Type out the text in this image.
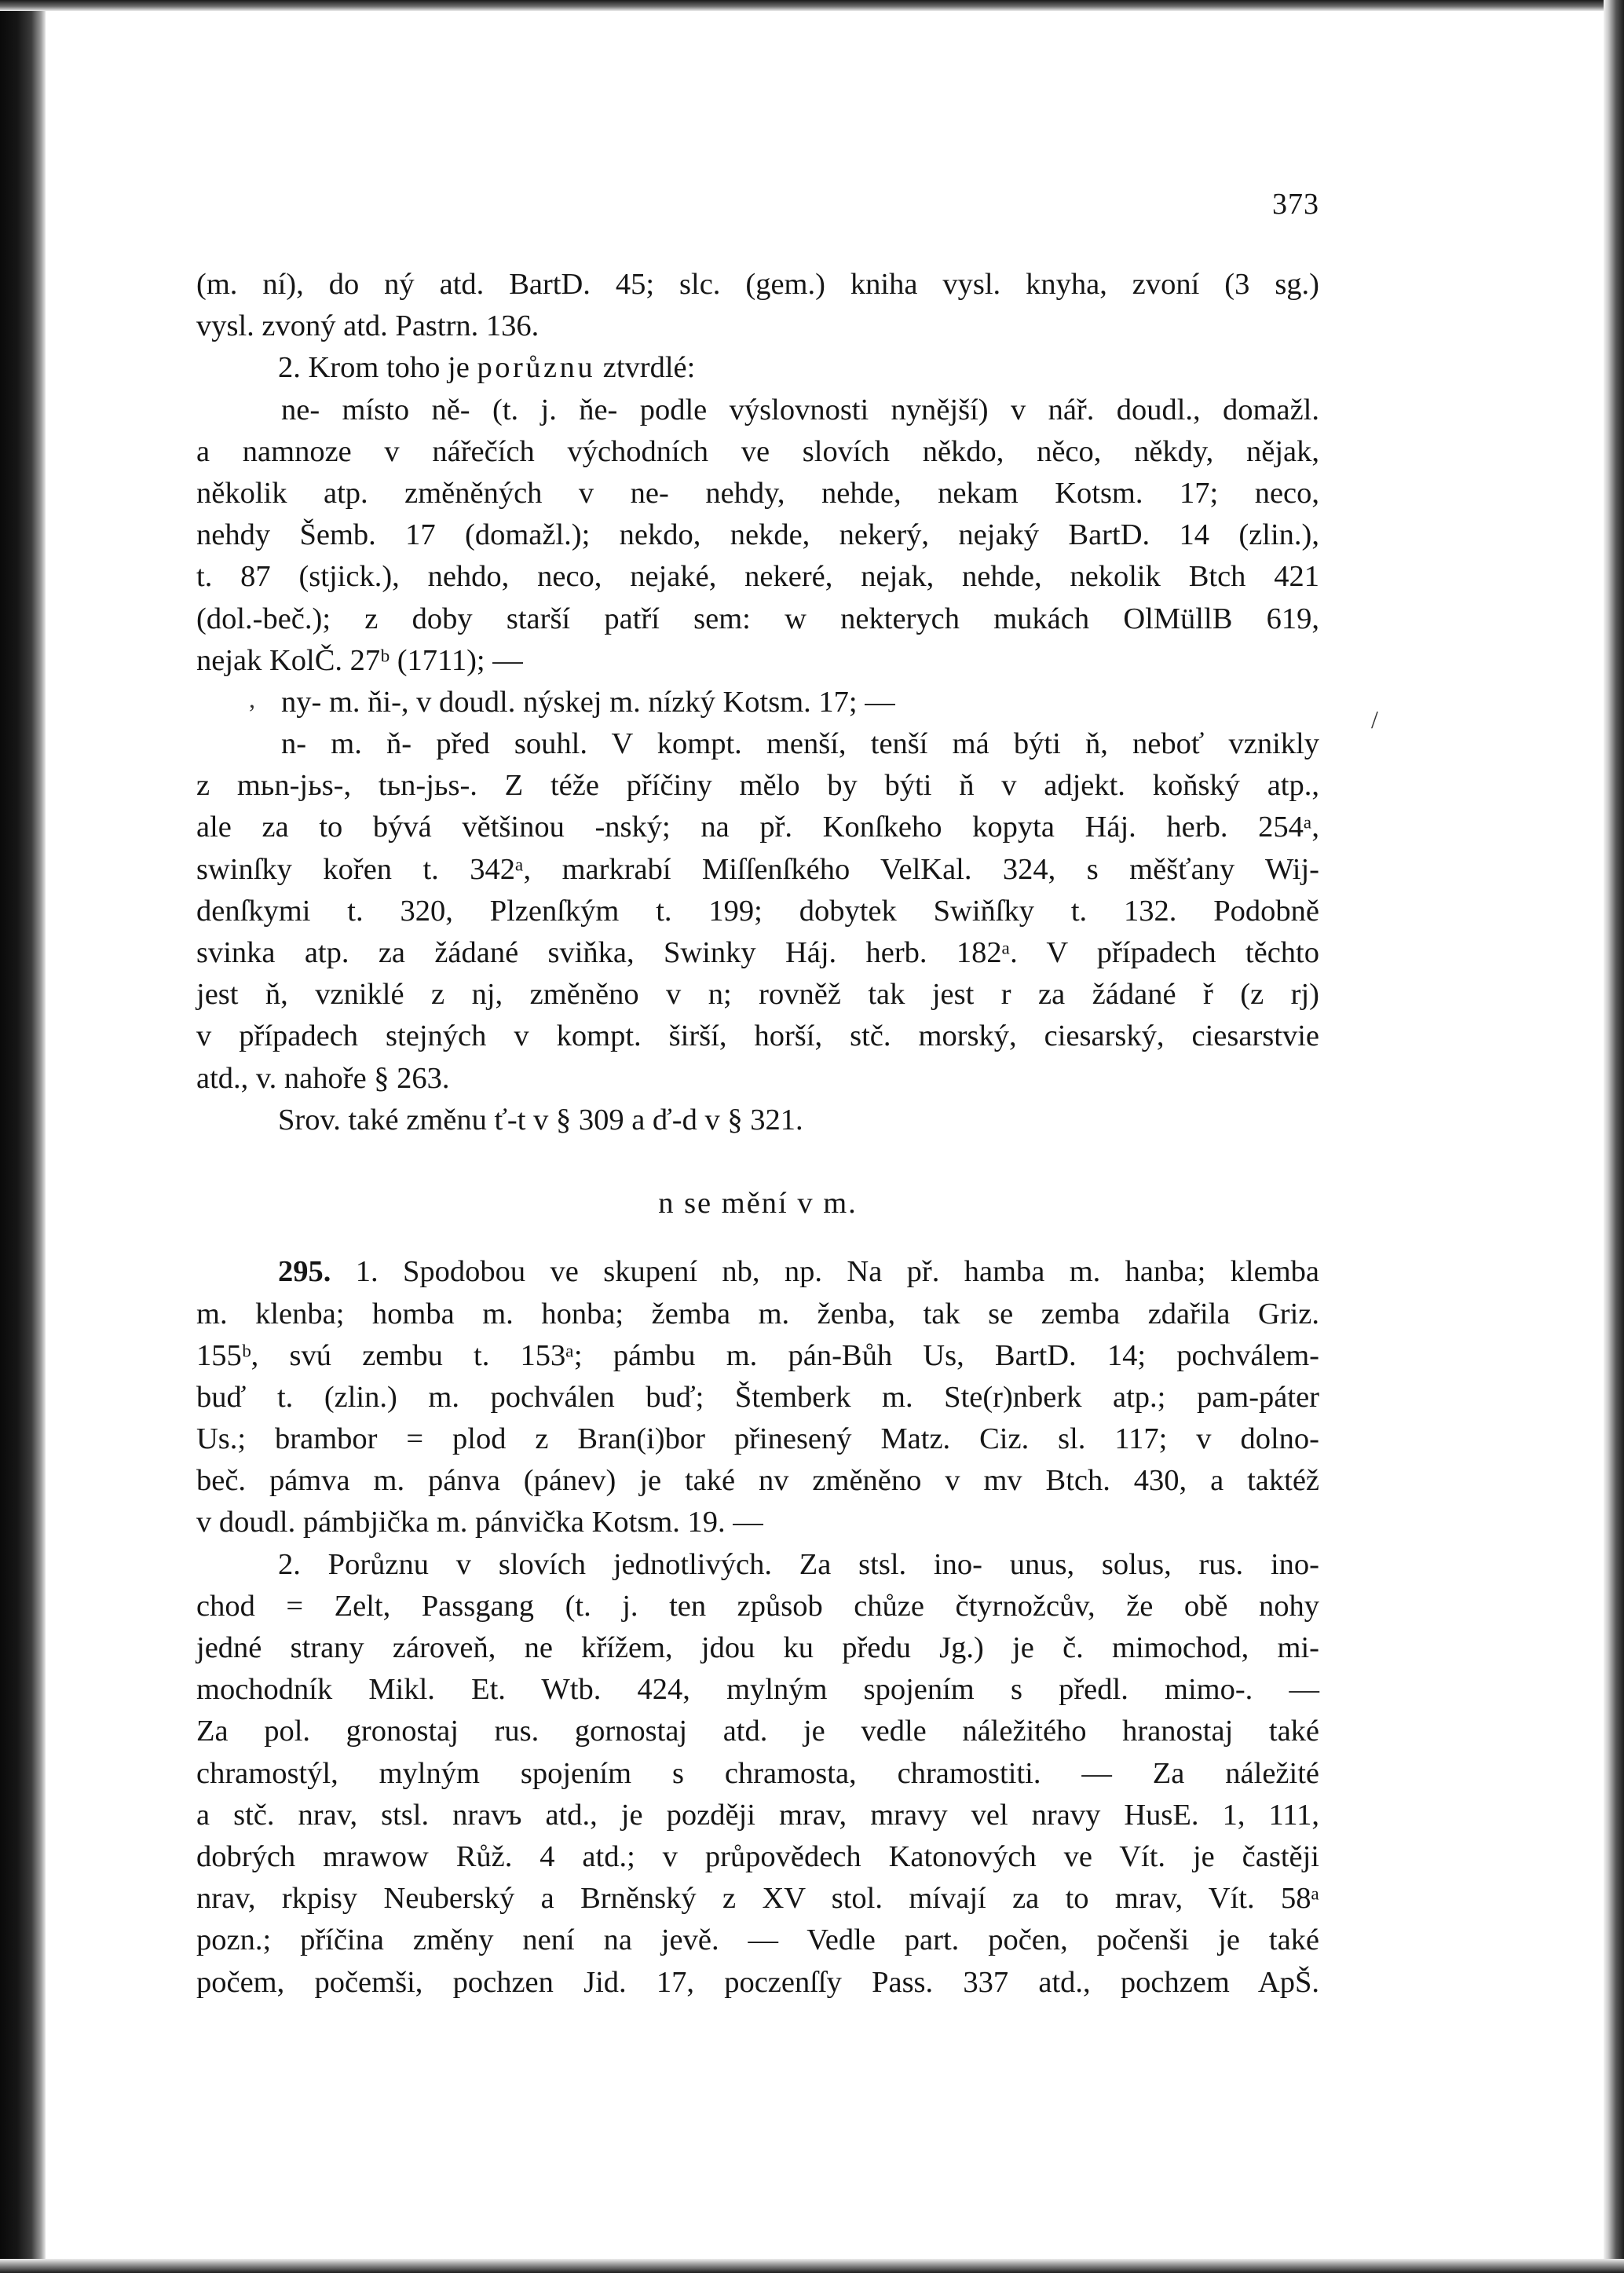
373
,
/
(m. ní), do ný atd. BartD. 45; slc. (gem.) kniha vysl. knyha, zvoní (3 sg.)
vysl. zvoný atd. Pastrn. 136.
2. Krom toho je porůznu ztvrdlé:
ne- místo ně- (t. j. ňe- podle výslovnosti nynější) v nář. doudl., domažl.
a namnoze v nářečích východních ve slovích někdo, něco, někdy, nějak,
několik atp. změněných v ne- nehdy, nehde, nekam Kotsm. 17; neco,
nehdy Šemb. 17 (domažl.); nekdo, nekde, nekerý, nejaký BartD. 14 (zlin.),
t. 87 (stjick.), nehdo, neco, nejaké, nekeré, nejak, nehde, nekolik Btch 421
(dol.-beč.); z doby starší patří sem: w nekterych mukách OlMüllB 619,
nejak KolČ. 27ᵇ (1711); —
ny- m. ňi-, v doudl. nýskej m. nízký Kotsm. 17; —
n- m. ň- před souhl. V kompt. menší, tenší má býti ň, neboť vznikly
z mьn-jьs-, tьn-jьs-. Z téže příčiny mělo by býti ň v adjekt. koňský atp.,
ale za to bývá většinou -nský; na př. Konſkeho kopyta Háj. herb. 254ᵃ,
swinſky kořen t. 342ᵃ, markrabí Miſſenſkého VelKal. 324, s měšťany Wij-
denſkymi t. 320, Plzenſkým t. 199; dobytek Swiňſky t. 132. Podobně
svinka atp. za žádané sviňka, Swinky Háj. herb. 182ᵃ. V případech těchto
jest ň, vzniklé z nj, změněno v n; rovněž tak jest r za žádané ř (z rj)
v případech stejných v kompt. širší, horší, stč. morský, ciesarský, ciesarstvie
atd., v. nahoře § 263.
Srov. také změnu ť-t v § 309 a ď-d v § 321.
n se mění v m.
295. 1. Spodobou ve skupení nb, np. Na př. hamba m. hanba; klemba
m. klenba; homba m. honba; žemba m. ženba, tak se zemba zdařila Griz.
155ᵇ, svú zembu t. 153ᵃ; pámbu m. pán-Bůh Us, BartD. 14; pochválem-
buď t. (zlin.) m. pochválen buď; Štemberk m. Ste(r)nberk atp.; pam-páter
Us.; brambor = plod z Bran(i)bor přinesený Matz. Ciz. sl. 117; v dolno-
beč. pámva m. pánva (pánev) je také nv změněno v mv Btch. 430, a taktéž
v doudl. pámbjička m. pánvička Kotsm. 19. —
2. Porůznu v slovích jednotlivých. Za stsl. ino- unus, solus, rus. ino-
chod = Zelt, Passgang (t. j. ten způsob chůze čtyrnožcův, že obě nohy
jedné strany zároveň, ne křížem, jdou ku předu Jg.) je č. mimochod, mi-
mochodník Mikl. Et. Wtb. 424, mylným spojením s předl. mimo-. —
Za pol. gronostaj rus. gornostaj atd. je vedle náležitého hranostaj také
chramostýl, mylným spojením s chramosta, chramostiti. — Za náležité
a stč. nrav, stsl. nravъ atd., je později mrav, mravy vel nravy HusE. 1, 111,
dobrých mrawow Růž. 4 atd.; v průpovědech Katonových ve Vít. je častěji
nrav, rkpisy Neuberský a Brněnský z XV stol. mívají za to mrav, Vít. 58ᵃ
pozn.; příčina změny není na jevě. — Vedle part. počen, počenši je také
počem, počemši, pochzen Jid. 17, poczenſſy Pass. 337 atd., pochzem ApŠ.
